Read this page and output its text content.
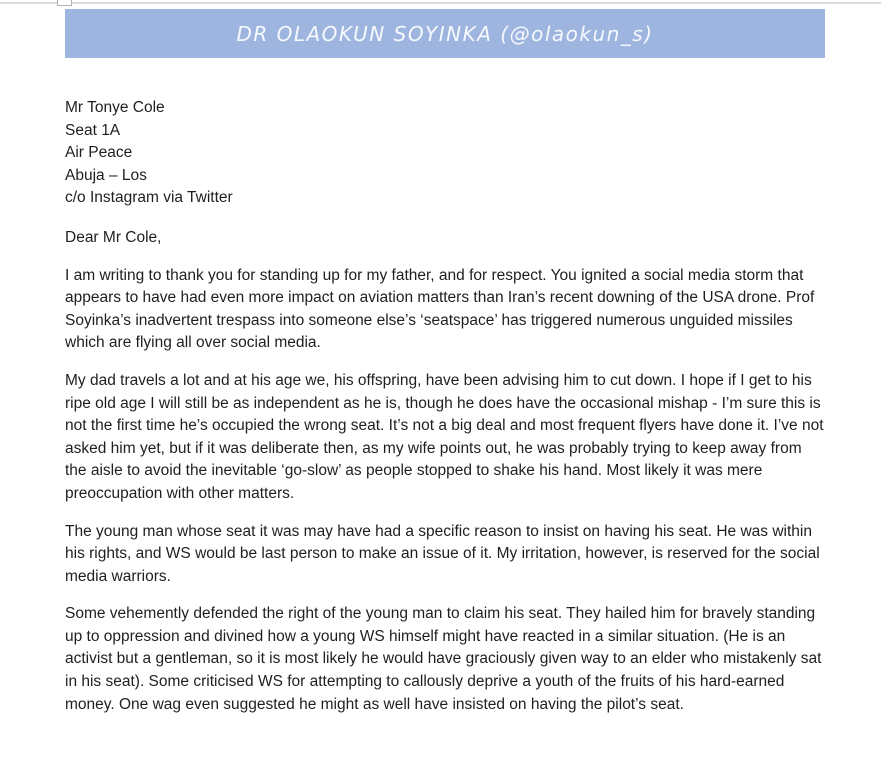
DR OLAOKUN SOYINKA (@olaokun_s)
Mr Tonye Cole
Seat 1A
Air Peace
Abuja – Los
c/o Instagram via Twitter

Dear Mr Cole,

I am writing to thank you for standing up for my father, and for respect. You ignited a social media storm that appears to have had even more impact on aviation matters than Iran’s recent downing of the USA drone. Prof Soyinka’s inadvertent trespass into someone else’s ‘seatspace’ has triggered numerous unguided missiles which are flying all over social media.

My dad travels a lot and at his age we, his offspring, have been advising him to cut down. I hope if I get to his ripe old age I will still be as independent as he is, though he does have the occasional mishap - I’m sure this is not the first time he’s occupied the wrong seat. It’s not a big deal and most frequent flyers have done it. I’ve not asked him yet, but if it was deliberate then, as my wife points out, he was probably trying to keep away from the aisle to avoid the inevitable ‘go-slow’ as people stopped to shake his hand. Most likely it was mere preoccupation with other matters.

The young man whose seat it was may have had a specific reason to insist on having his seat. He was within his rights, and WS would be last person to make an issue of it. My irritation, however, is reserved for the social media warriors.

Some vehemently defended the right of the young man to claim his seat. They hailed him for bravely standing up to oppression and divined how a young WS himself might have reacted in a similar situation. (He is an activist but a gentleman, so it is most likely he would have graciously given way to an elder who mistakenly sat in his seat). Some criticised WS for attempting to callously deprive a youth of the fruits of his hard-earned money. One wag even suggested he might as well have insisted on having the pilot’s seat.
